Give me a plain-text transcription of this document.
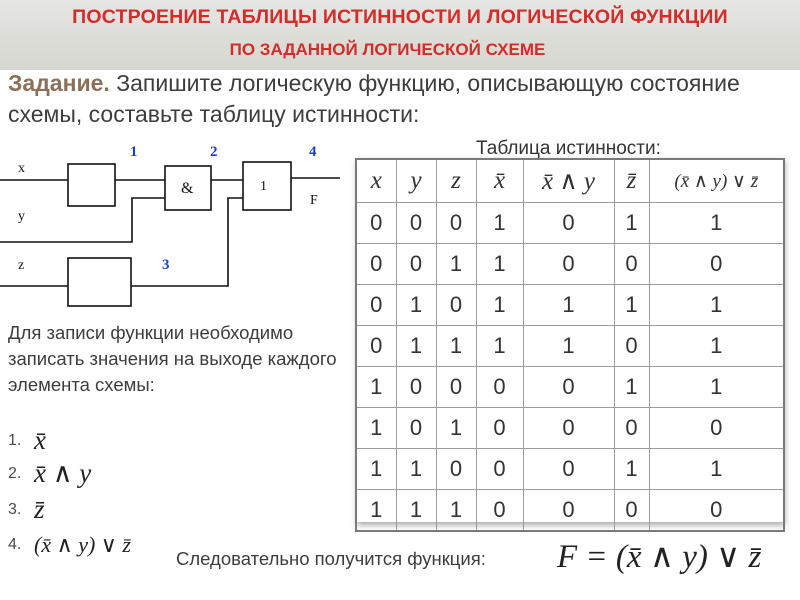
ПОСТРОЕНИЕ ТАБЛИЦЫ ИСТИННОСТИ И ЛОГИЧЕСКОЙ ФУНКЦИИ
ПО ЗАДАННОЙ ЛОГИЧЕСКОЙ СХЕМЕ
Задание. Запишите логическую функцию, описывающую состояние схемы, составьте таблицу истинности:
x
y
z
&	1
F
1	2
3
4
Для записи функции необходимо записать значения на выходе каждого элемента схемы:
1. x̄
2. x̄ ∧ y
3. z̄
4. (x̄ ∧ y) ∨ z̄
Таблица истинности:
x	y	z	x̄	x̄ ∧ y	z̄	(x̄ ∧ y) ∨ z̄
0	0	0	1	0	1	1
0	0	1	1	0	0	0
0	1	0	1	1	1	1
0	1	1	1	1	0	1
1	0	0	0	0	1	1
1	0	1	0	0	0	0
1	1	0	0	0	1	1
1	1	1	0	0	0	0
Следовательно получится функция: F = (x̄ ∧ y) ∨ z̄
